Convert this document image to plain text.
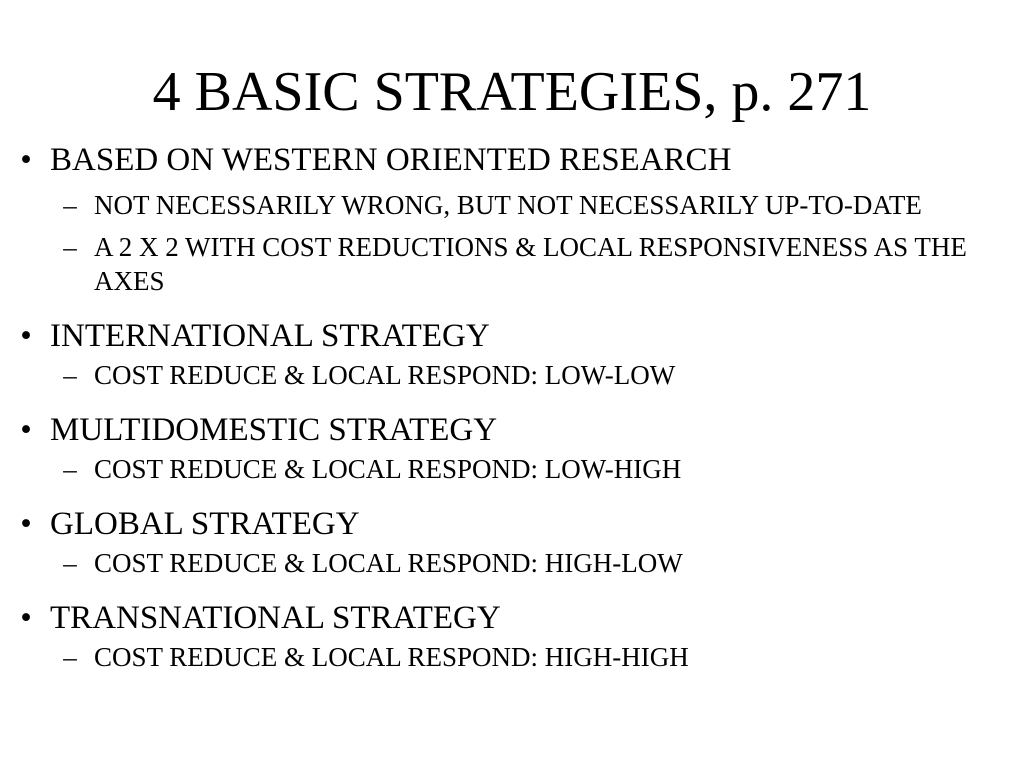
4 BASIC STRATEGIES, p. 271
• BASED ON WESTERN ORIENTED RESEARCH
– NOT NECESSARILY WRONG, BUT NOT NECESSARILY UP-TO-DATE
– A 2 X 2 WITH COST REDUCTIONS & LOCAL RESPONSIVENESS AS THE AXES
• INTERNATIONAL STRATEGY
– COST REDUCE & LOCAL RESPOND: LOW-LOW
• MULTIDOMESTIC STRATEGY
– COST REDUCE & LOCAL RESPOND: LOW-HIGH
• GLOBAL STRATEGY
– COST REDUCE & LOCAL RESPOND: HIGH-LOW
• TRANSNATIONAL STRATEGY
– COST REDUCE & LOCAL RESPOND: HIGH-HIGH
